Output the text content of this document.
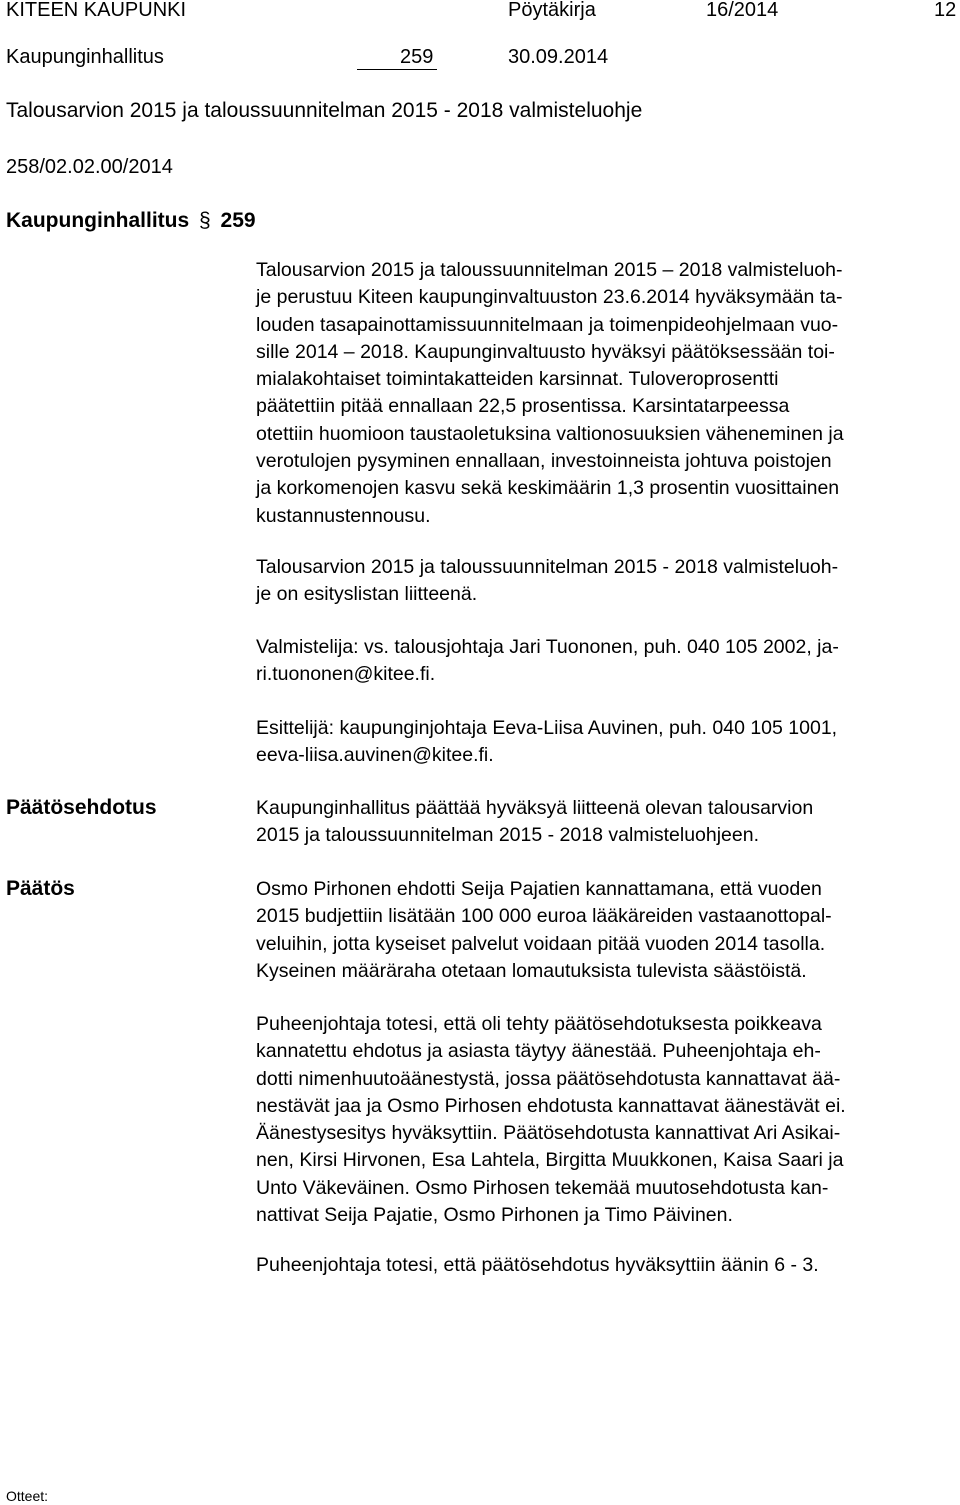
KITEEN KAUPUNKI	Pöytäkirja	16/2014	12
Kaupunginhallitus	259	30.09.2014
Talousarvion 2015 ja taloussuunnitelman 2015 - 2018 valmisteluohje
258/02.02.00/2014
Kaupunginhallitus § 259
Talousarvion 2015 ja taloussuunnitelman 2015 – 2018 valmisteluoh-
je perustuu Kiteen kaupunginvaltuuston 23.6.2014 hyväksymään ta-
louden tasapainottamissuunnitelmaan ja toimenpideohjelmaan vuo-
sille 2014 – 2018. Kaupunginvaltuusto hyväksyi päätöksessään toi-
mialakohtaiset toimintakatteiden karsinnat. Tuloveroprosentti
päätettiin pitää ennallaan 22,5 prosentissa. Karsintatarpeessa
otettiin huomioon taustaoletuksina valtionosuuksien väheneminen ja
verotulojen pysyminen ennallaan, investoinneista johtuva poistojen
ja korkomenojen kasvu sekä keskimäärin 1,3 prosentin vuosittainen
kustannustennousu.
Talousarvion 2015 ja taloussuunnitelman 2015 - 2018 valmisteluoh-
je on esityslistan liitteenä.
Valmistelija: vs. talousjohtaja Jari Tuononen, puh. 040 105 2002, ja-
ri.tuononen@kitee.fi.
Esittelijä: kaupunginjohtaja Eeva-Liisa Auvinen, puh. 040 105 1001,
eeva-liisa.auvinen@kitee.fi.
Päätösehdotus	Kaupunginhallitus päättää hyväksyä liitteenä olevan talousarvion
2015 ja taloussuunnitelman 2015 - 2018 valmisteluohjeen.
Päätös	Osmo Pirhonen ehdotti Seija Pajatien kannattamana, että vuoden
2015 budjettiin lisätään 100 000 euroa lääkäreiden vastaanottopal-
veluihin, jotta kyseiset palvelut voidaan pitää vuoden 2014 tasolla.
Kyseinen määräraha otetaan lomautuksista tulevista säästöistä.
Puheenjohtaja totesi, että oli tehty päätösehdotuksesta poikkeava
kannatettu ehdotus ja asiasta täytyy äänestää. Puheenjohtaja eh-
dotti nimenhuutoäänestystä, jossa päätösehdotusta kannattavat ää-
nestävät jaa ja Osmo Pirhosen ehdotusta kannattavat äänestävät ei.
Äänestysesitys hyväksyttiin. Päätösehdotusta kannattivat Ari Asikai-
nen, Kirsi Hirvonen, Esa Lahtela, Birgitta Muukkonen, Kaisa Saari ja
Unto Väkeväinen. Osmo Pirhosen tekemää muutosehdotusta kan-
nattivat Seija Pajatie, Osmo Pirhonen ja Timo Päivinen.
Puheenjohtaja totesi, että päätösehdotus hyväksyttiin äänin 6 - 3.
Otteet:
